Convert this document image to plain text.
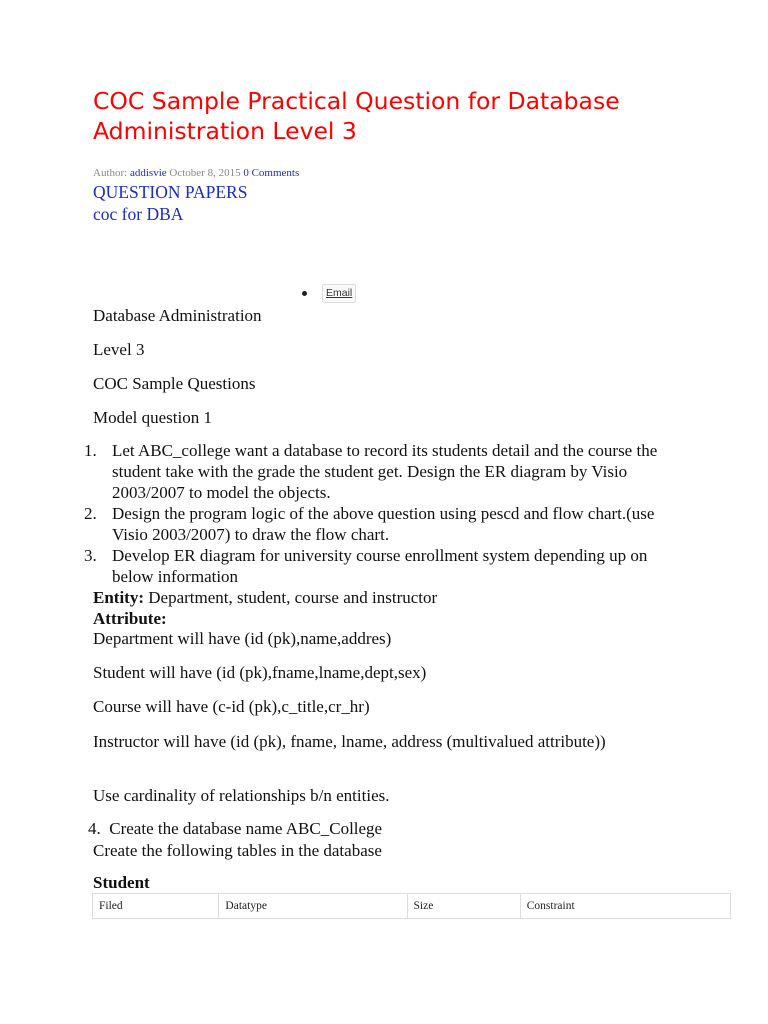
COC Sample Practical Question for Database Administration Level 3
Author: addisvie October 8, 2015 0 Comments
QUESTION PAPERS
coc for DBA
Email

Database Administration

Level 3

COC Sample Questions

Model question 1

1. Let ABC_college want a database to record its students detail and the course the student take with the grade the student get. Design the ER diagram by Visio 2003/2007 to model the objects.
2. Design the program logic of the above question using pescd and flow chart.(use Visio 2003/2007) to draw the flow chart.
3. Develop ER diagram for university course enrollment system depending up on below information

Entity: Department, student, course and instructor

Attribute:

Department will have (id (pk),name,addres)

Student will have (id (pk),fname,lname,dept,sex)

Course will have (c-id (pk),c_title,cr_hr)

Instructor will have (id (pk), fname, lname, address (multivalued attribute))

Use cardinality of relationships b/n entities.

4. Create the database name ABC_College

Create the following tables in the database

Student

Filed	Datatype	Size	Constraint
